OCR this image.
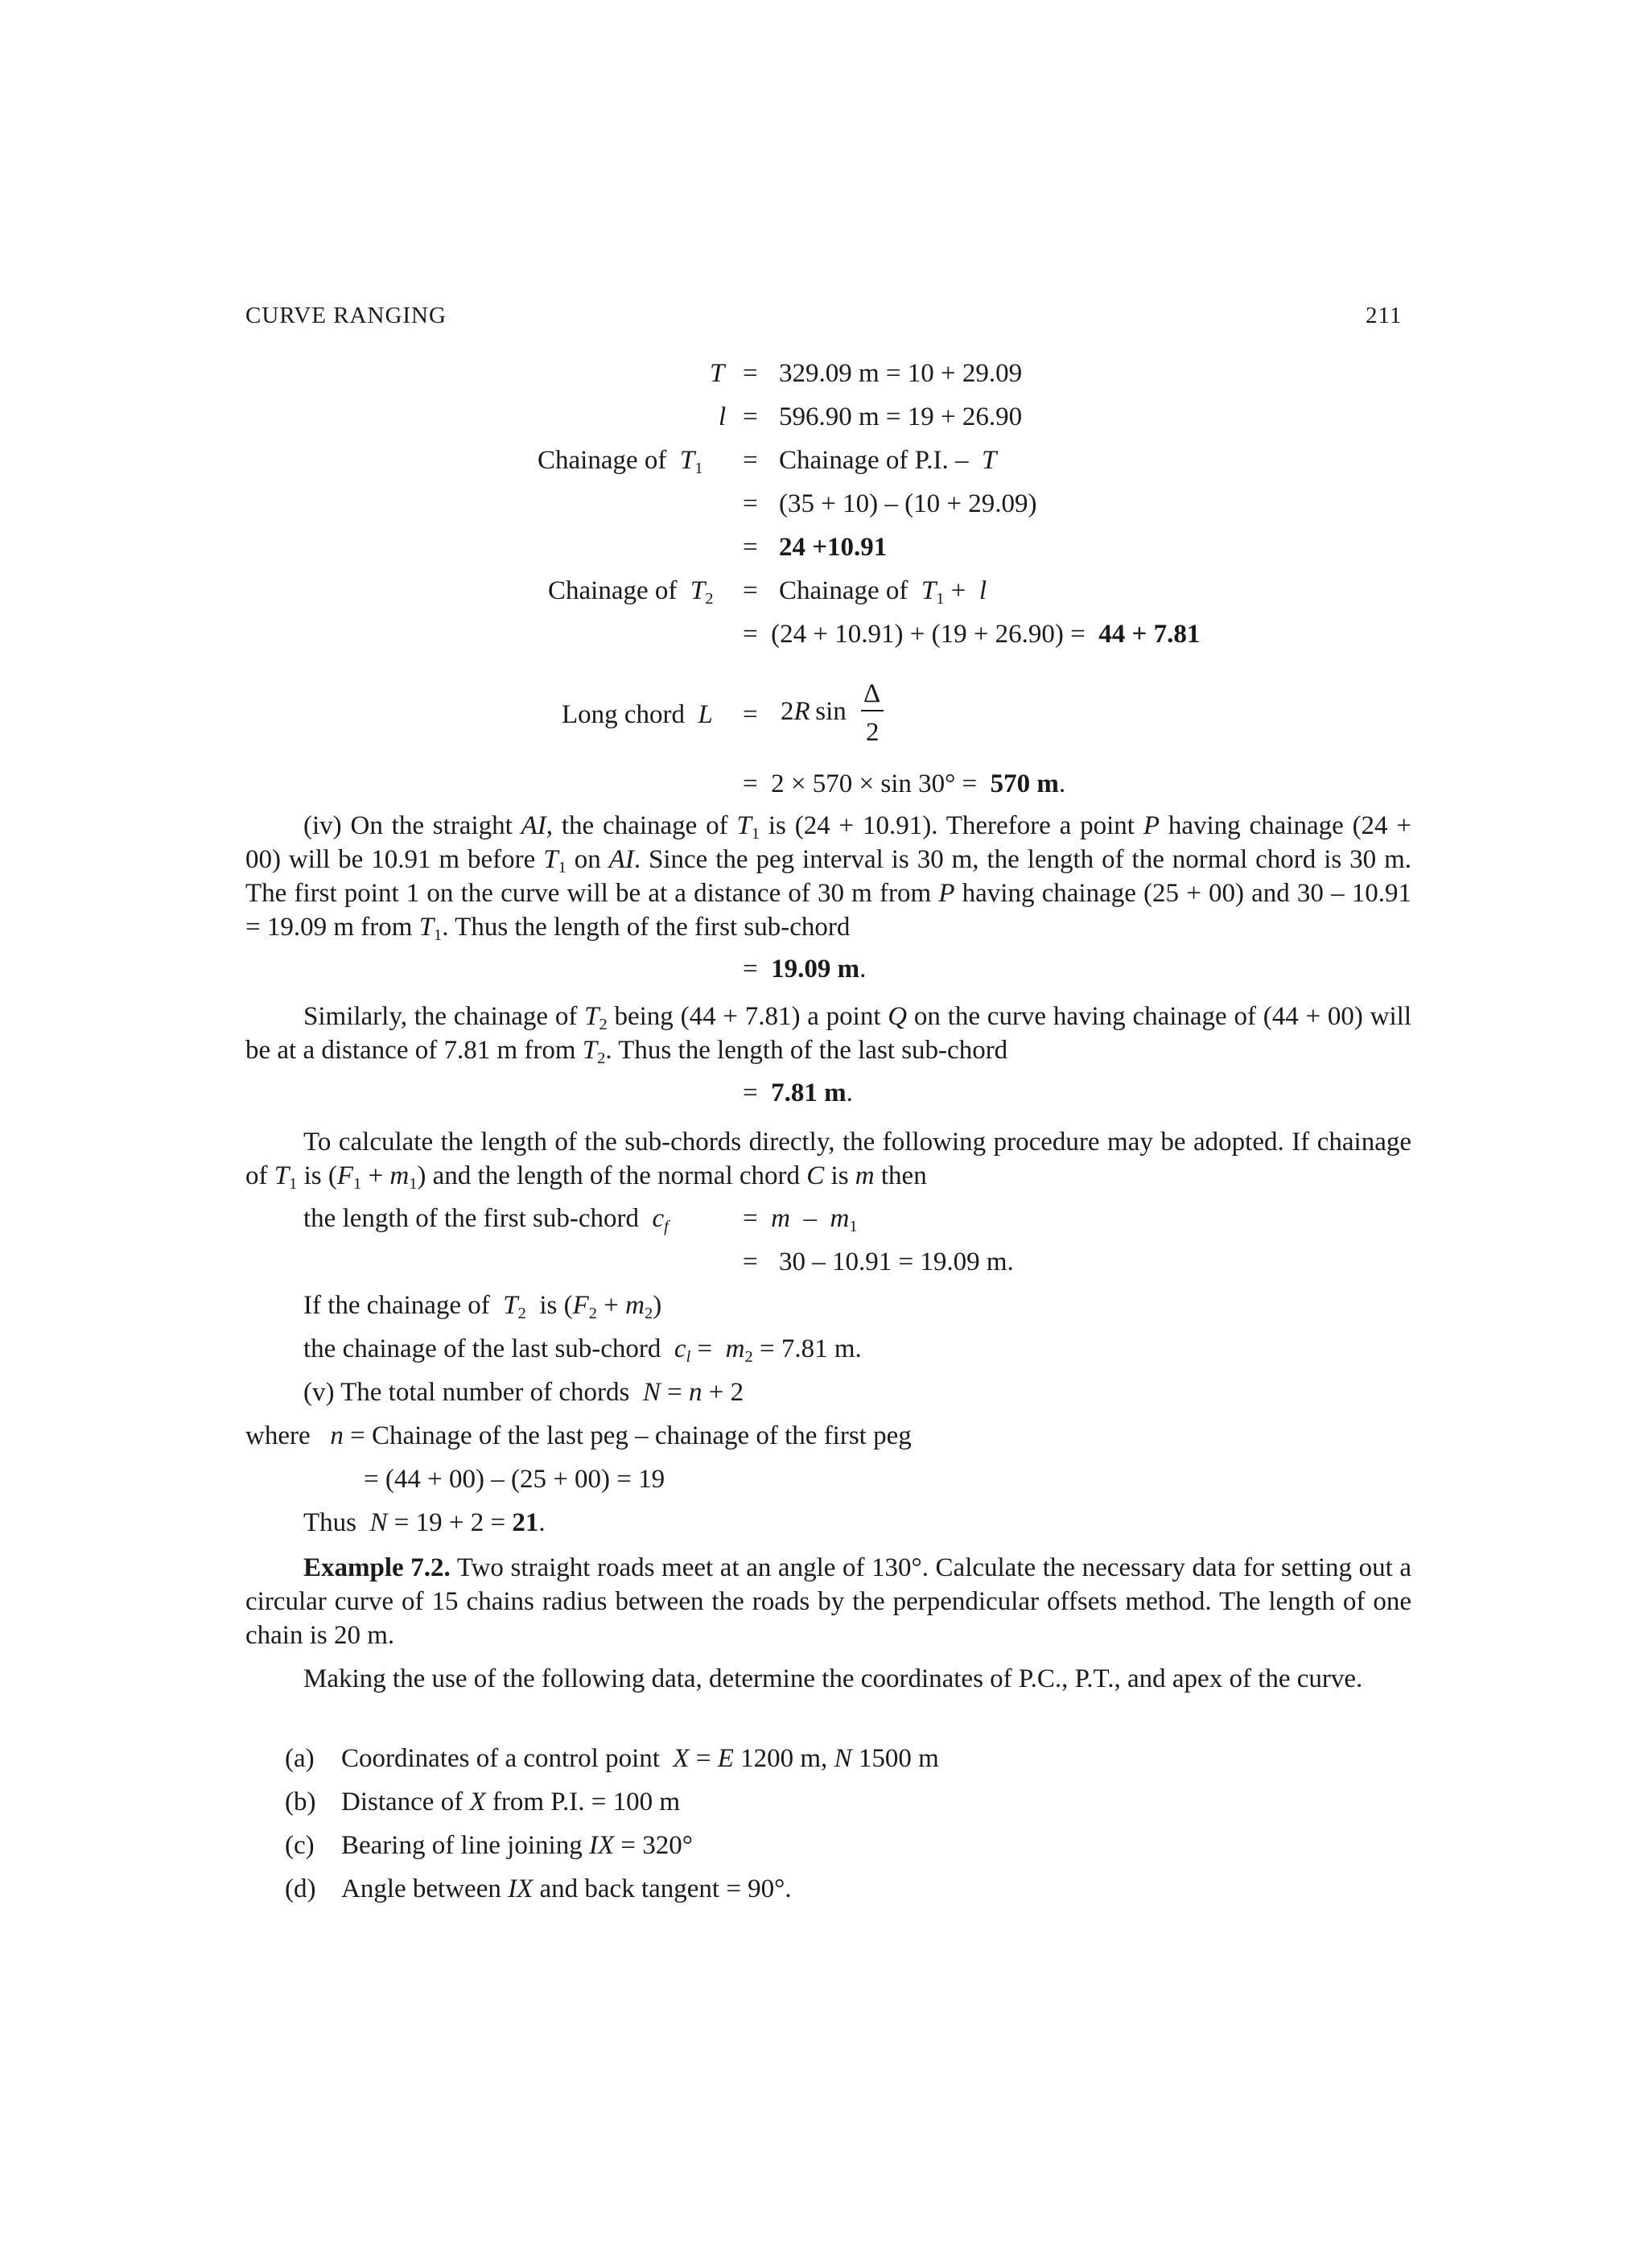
CURVE RANGING	211
T = 329.09 m = 10 + 29.09
l = 596.90 m = 19 + 26.90
Chainage of $T_1$ = Chainage of P.I. – T
= (35 + 10) – (10 + 29.09)
= 24 +10.91
Chainage of $T_2$ = Chainage of $T_1 + l$
= (24 + 10.91) + (19 + 26.90) = 44 + 7.81
Long chord L = 2R  sin
Δ
2
= 2 × 570 × sin 30° = 570 m.

(iv) On the straight AI, the chainage of $T_1$ is (24 + 10.91). Therefore a point P having chainage (24 + 00) will be 10.91 m before $T_1$ on AI. Since the peg interval is 30 m, the length of the normal chord is 30 m. The first point 1 on the curve will be at a distance of 30 m from P having chainage (25 + 00) and 30 – 10.91 = 19.09 m from $T_1$. Thus the length of the first sub-chord

= 19.09 m.

Similarly, the chainage of $T_2$ being (44 + 7.81) a point Q on the curve having chainage of (44 + 00) will be at a distance of 7.81 m from $T_2$. Thus the length of the last sub-chord

= 7.81 m.

To calculate the length of the sub-chords directly, the following procedure may be adopted. If chainage of $T_1$ is $(F_1 + m_1)$ and the length of the normal chord C is m then

the length of the first sub-chord $c_f$	= m – $m_1$
= 30 – 10.91 = 19.09 m.
If the chainage of $T_2$ is $(F_2 + m_2)$
the chainage of the last sub-chord $c_l = m_2 = 7.81$ m.
(v) The total number of chords N = n + 2
where n = Chainage of the last peg – chainage of the first peg
= (44 + 00) – (25 + 00) = 19
Thus N = 19 + 2 = 21.

Example 7.2. Two straight roads meet at an angle of 130°. Calculate the necessary data for setting out a circular curve of 15 chains radius between the roads by the perpendicular offsets method. The length of one chain is 20 m.

Making the use of the following data, determine the coordinates of P.C., P.T., and apex of the curve.

(a) Coordinates of a control point  X = E 1200 m, N 1500 m
(b) Distance of X from P.I. = 100 m
(c) Bearing of line joining IX = 320°
(d) Angle between IX and back tangent = 90°.
